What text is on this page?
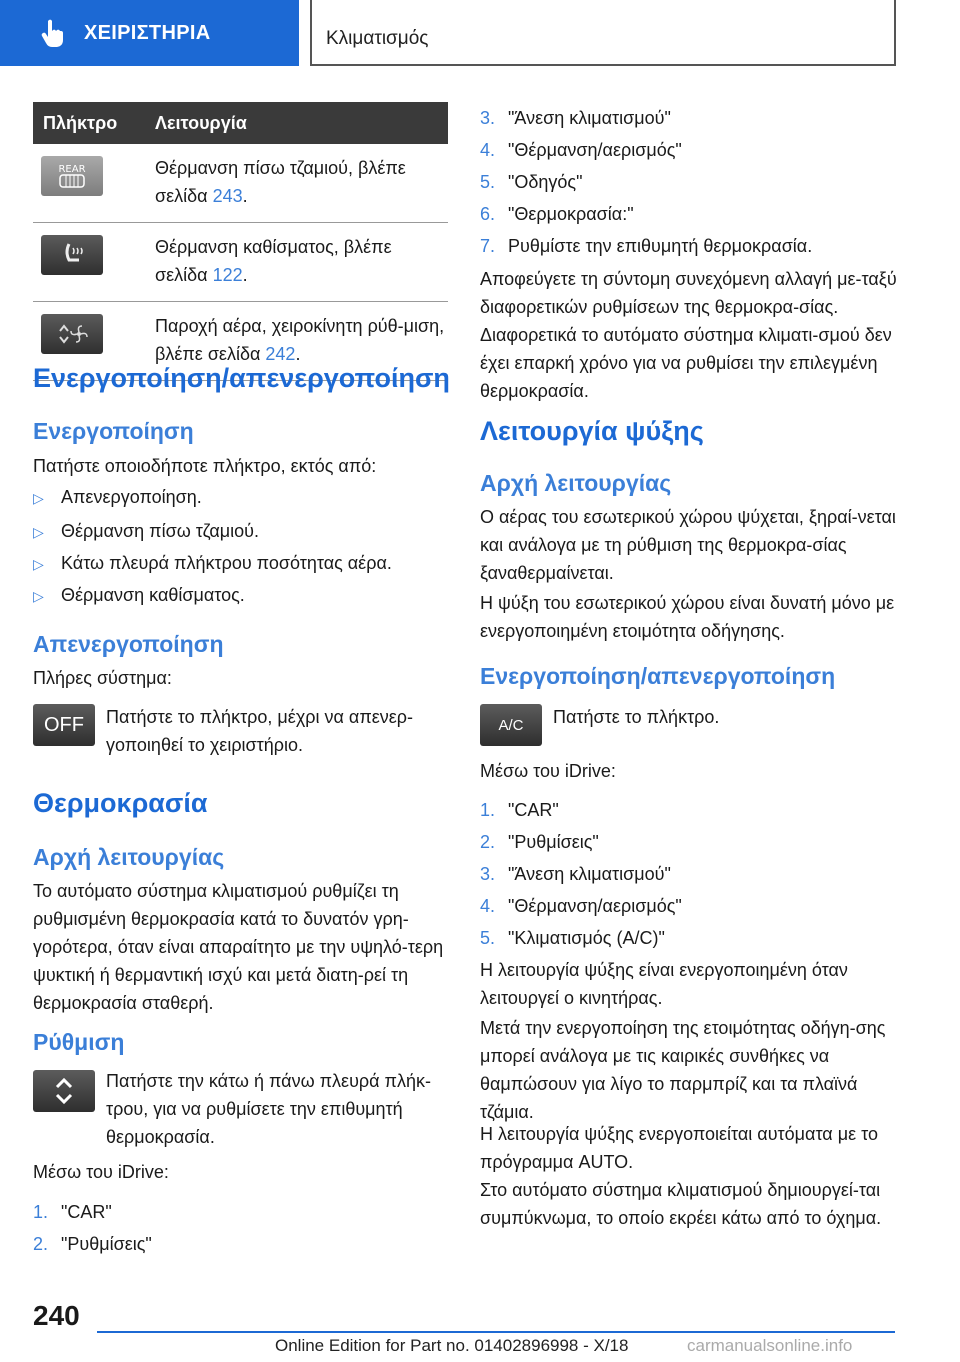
ΧΕΙΡΙΣΤΗΡΙΑ	Κλιματισμός
Πλήκτρο	Λειτουργία
REAR	Θέρμανση πίσω τζαμιού, βλέπε σελίδα 243.
Θέρμανση καθίσματος, βλέπε σελίδα 122.
Παροχή αέρα, χειροκίνητη ρύθ‐μιση, βλέπε σελίδα 242.
Ενεργοποίηση/απενεργοποίηση
Ενεργοποίηση

Πατήστε οποιοδήποτε πλήκτρο, εκτός από:

▷ Απενεργοποίηση.
▷ Θέρμανση πίσω τζαμιού.
▷ Κάτω πλευρά πλήκτρου ποσότητας αέρα.
▷ Θέρμανση καθίσματος.
Απενεργοποίηση

Πλήρες σύστημα:

OFF Πατήστε το πλήκτρο, μέχρι να απενερ‐γοποιηθεί το χειριστήριο.

Θερμοκρασία
Αρχή λειτουργίας

Το αυτόματο σύστημα κλιματισμού ρυθμίζει τη ρυθμισμένη θερμοκρασία κατά το δυνατόν γρη‐γορότερα, όταν είναι απαραίτητο με την υψηλό‐τερη ψυκτική ή θερμαντική ισχύ και μετά διατη‐ρεί τη θερμοκρασία σταθερή.

Ρύθμιση

Πατήστε την κάτω ή πάνω πλευρά πλήκ‐τρου, για να ρυθμίσετε την επιθυμητή θερμοκρασία.

Μέσω του iDrive:

1. "CAR"
2. "Ρυθμίσεις"
3. "Άνεση κλιματισμού"
4. "Θέρμανση/αερισμός"
5. "Οδηγός"
6. "Θερμοκρασία:"
7. Ρυθμίστε την επιθυμητή θερμοκρασία.

Αποφεύγετε τη σύντομη συνεχόμενη αλλαγή με‐ταξύ διαφορετικών ρυθμίσεων της θερμοκρα‐σίας. Διαφορετικά το αυτόματο σύστημα κλιματι‐σμού δεν έχει επαρκή χρόνο για να ρυθμίσει την επιλεγμένη θερμοκρασία.

Λειτουργία ψύξης
Αρχή λειτουργίας

Ο αέρας του εσωτερικού χώρου ψύχεται, ξηραί‐νεται και ανάλογα με τη ρύθμιση της θερμοκρα‐σίας ξαναθερμαίνεται.

Η ψύξη του εσωτερικού χώρου είναι δυνατή μόνο με ενεργοποιημένη ετοιμότητα οδήγησης.

Ενεργοποίηση/απενεργοποίηση
A/C Πατήστε το πλήκτρο.

Μέσω του iDrive:

1. "CAR"
2. "Ρυθμίσεις"
3. "Άνεση κλιματισμού"
4. "Θέρμανση/αερισμός"
5. "Κλιματισμός (A/C)"

Η λειτουργία ψύξης είναι ενεργοποιημένη όταν λειτουργεί ο κινητήρας.

Μετά την ενεργοποίηση της ετοιμότητας οδήγη‐σης μπορεί ανάλογα με τις καιρικές συνθήκες να θαμπώσουν για λίγο το παρμπρίζ και τα πλαϊνά τζάμια.

Η λειτουργία ψύξης ενεργοποιείται αυτόματα με το πρόγραμμα AUTO.

Στο αυτόματο σύστημα κλιματισμού δημιουργεί‐ται συμπύκνωμα, το οποίο εκρέει κάτω από το όχημα.

240
Online Edition for Part no. 01402896998 - X/18	carmanualsonline.info
